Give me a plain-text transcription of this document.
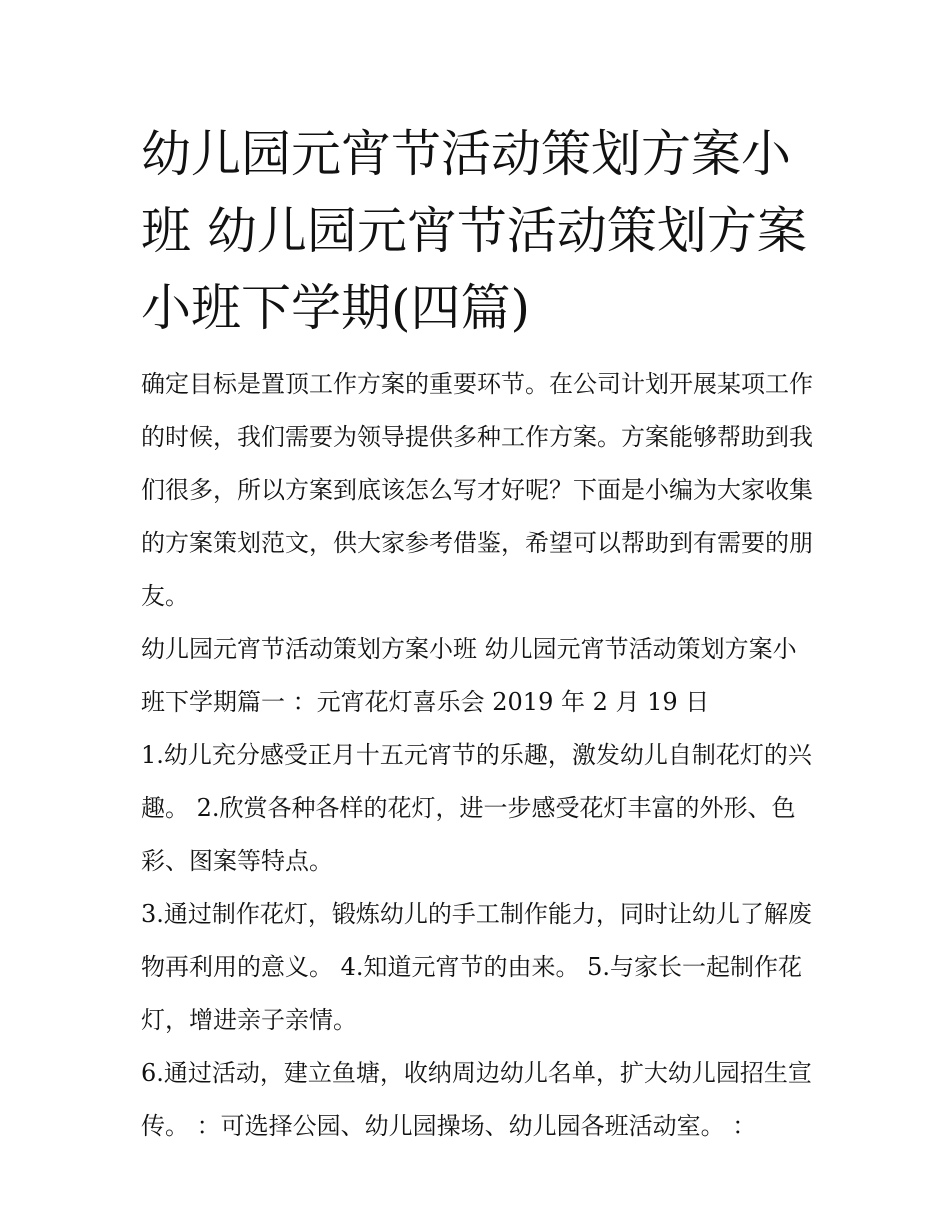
幼儿园元宵节活动策划方案小班 幼儿园元宵节活动策划方案小班下学期(四篇)

确定目标是置顶工作方案的重要环节。在公司计划开展某项工作的时候，我们需要为领导提供多种工作方案。方案能够帮助到我们很多，所以方案到底该怎么写才好呢？下面是小编为大家收集的方案策划范文，供大家参考借鉴，希望可以帮助到有需要的朋友。

幼儿园元宵节活动策划方案小班 幼儿园元宵节活动策划方案小班下学期篇一 ：元宵花灯喜乐会 2019 年 2 月 19 日

1.幼儿充分感受正月十五元宵节的乐趣，激发幼儿自制花灯的兴趣。 2.欣赏各种各样的花灯，进一步感受花灯丰富的外形、色彩、图案等特点。

3.通过制作花灯，锻炼幼儿的手工制作能力，同时让幼儿了解废物再利用的意义。 4.知道元宵节的由来。 5.与家长一起制作花灯，增进亲子亲情。

6.通过活动，建立鱼塘，收纳周边幼儿名单，扩大幼儿园招生宣传。 ：可选择公园、幼儿园操场、幼儿园各班活动室。 ：
